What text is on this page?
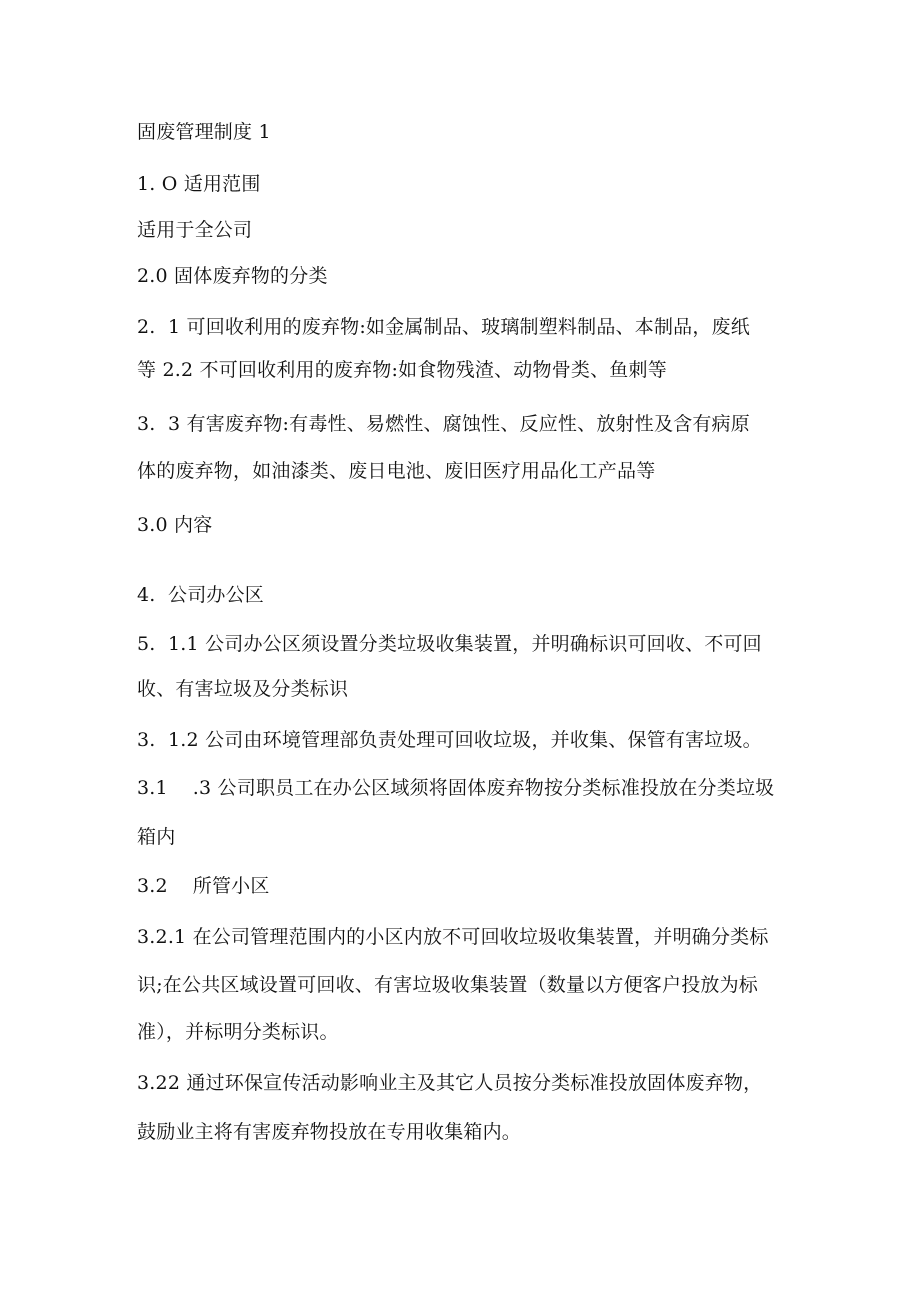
固废管理制度 1
1. O 适用范围
适用于全公司
2.0 固体废弃物的分类
2.  1 可回收利用的废弃物:如金属制品、玻璃制塑料制品、本制品，废纸
等 2.2 不可回收利用的废弃物:如食物残渣、动物骨类、鱼刺等
3.  3 有害废弃物:有毒性、易燃性、腐蚀性、反应性、放射性及含有病原
体的废弃物，如油漆类、废日电池、废旧医疗用品化工产品等
3.0 内容
4.  公司办公区
5.  1.1 公司办公区须设置分类垃圾收集装置，并明确标识可回收、不可回
收、有害垃圾及分类标识
3.  1.2 公司由环境管理部负责处理可回收垃圾，并收集、保管有害垃圾。
3.1    .3 公司职员工在办公区域须将固体废弃物按分类标准投放在分类垃圾
箱内
3.2    所管小区
3.2.1 在公司管理范围内的小区内放不可回收垃圾收集装置，并明确分类标
识;在公共区域设置可回收、有害垃圾收集装置（数量以方便客户投放为标
准），并标明分类标识。
3.22 通过环保宣传活动影响业主及其它人员按分类标准投放固体废弃物，
鼓励业主将有害废弃物投放在专用收集箱内。
